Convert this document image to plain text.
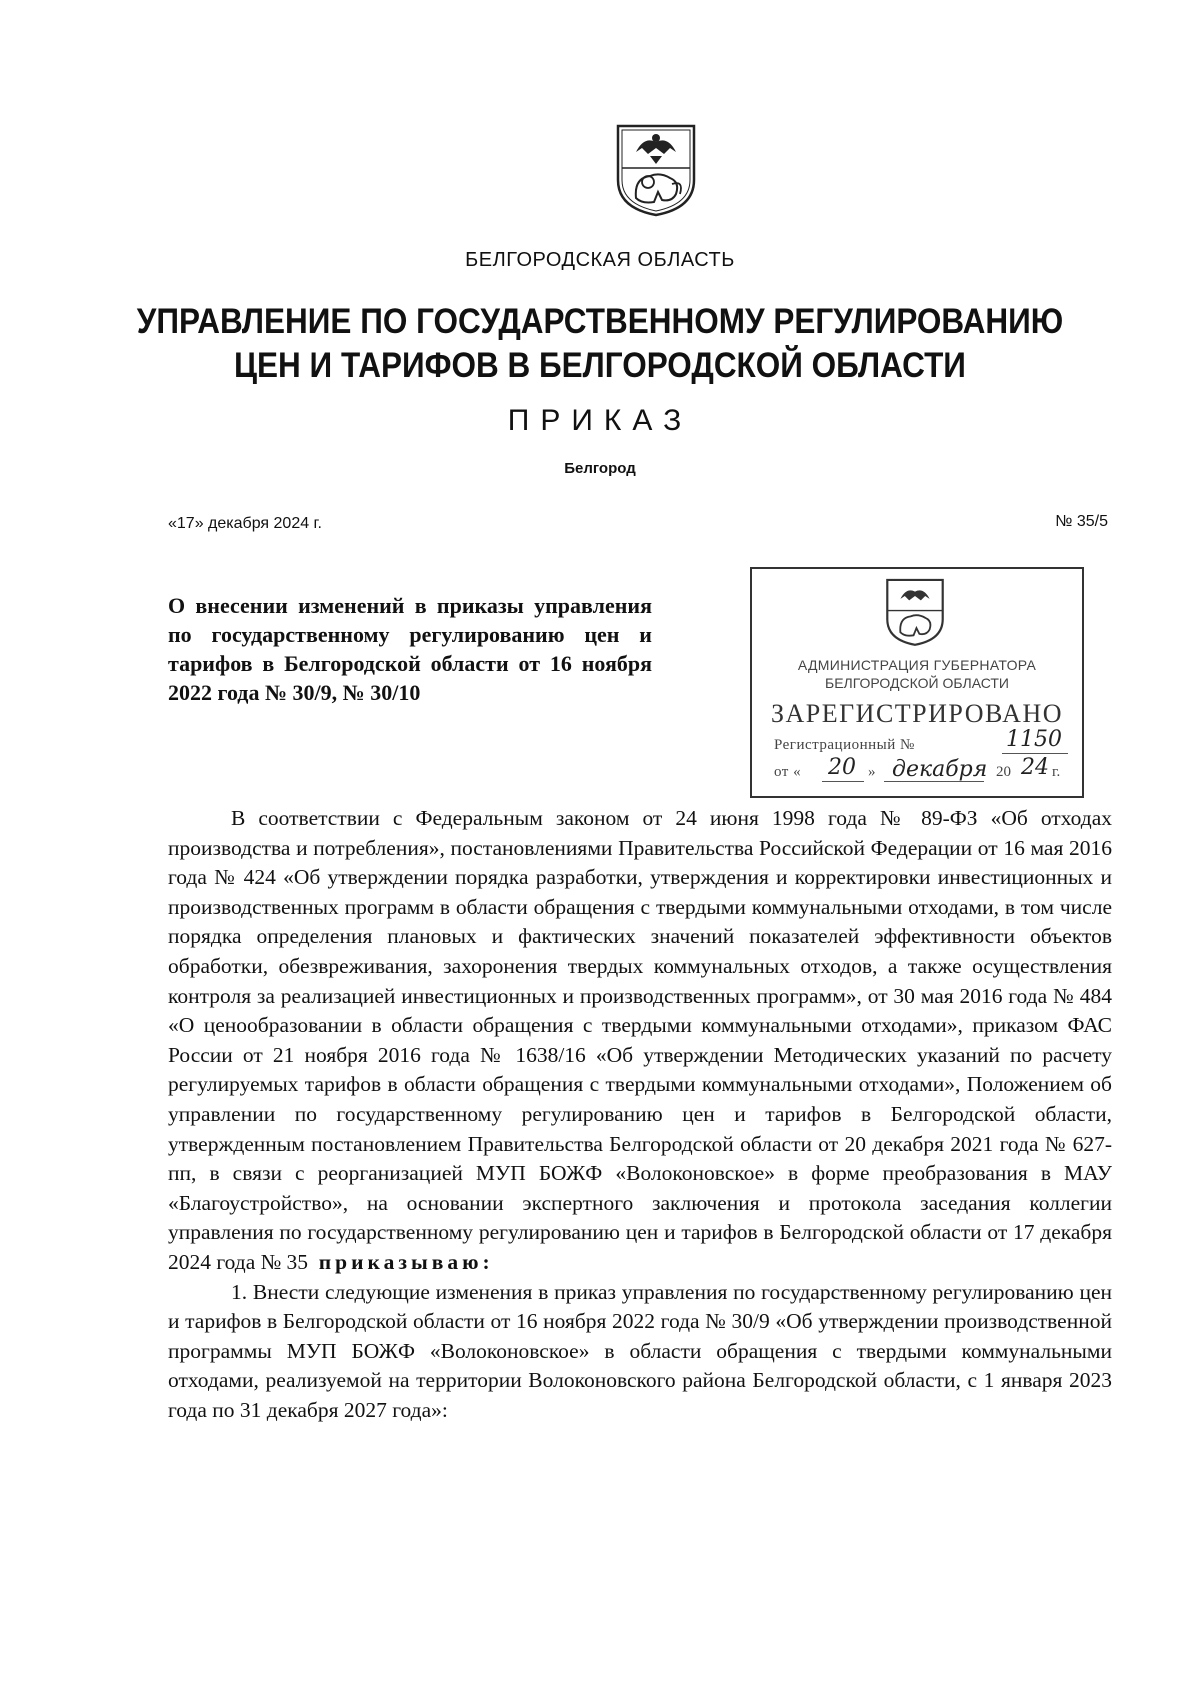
БЕЛГОРОДСКАЯ ОБЛАСТЬ
УПРАВЛЕНИЕ ПО ГОСУДАРСТВЕННОМУ РЕГУЛИРОВАНИЮ
ЦЕН И ТАРИФОВ В БЕЛГОРОДСКОЙ ОБЛАСТИ
ПРИКАЗ
Белгород
«17» декабря 2024 г.	№ 35/5
О внесении изменений в приказы управления по государственному регулированию цен и тарифов в Белгородской области от 16 ноября 2022 года № 30/9, № 30/10
АДМИНИСТРАЦИЯ ГУБЕРНАТОРА
БЕЛГОРОДСКОЙ ОБЛАСТИ
ЗАРЕГИСТРИРОВАНО
Регистрационный №	1150
от « 20 » декабря 20 24 г.

В соответствии с Федеральным законом от 24 июня 1998 года № 89-ФЗ «Об отходах производства и потребления», постановлениями Правительства Российской Федерации от 16 мая 2016 года № 424 «Об утверждении порядка разработки, утверждения и корректировки инвестиционных и производственных программ в области обращения с твердыми коммунальными отходами, в том числе порядка определения плановых и фактических значений показателей эффективности объектов обработки, обезвреживания, захоронения твердых коммунальных отходов, а также осуществления контроля за реализацией инвестиционных и производственных программ», от 30 мая 2016 года № 484 «О ценообразовании в области обращения с твердыми коммунальными отходами», приказом ФАС России от 21 ноября 2016 года № 1638/16 «Об утверждении Методических указаний по расчету регулируемых тарифов в области обращения с твердыми коммунальными отходами», Положением об управлении по государственному регулированию цен и тарифов в Белгородской области, утвержденным постановлением Правительства Белгородской области от 20 декабря 2021 года № 627-пп, в связи с реорганизацией МУП БОЖФ «Волоконовское» в форме преобразования в МАУ «Благоустройство», на основании экспертного заключения и протокола заседания коллегии управления по государственному регулированию цен и тарифов в Белгородской области от 17 декабря 2024 года № 35 приказываю:

1. Внести следующие изменения в приказ управления по государственному регулированию цен и тарифов в Белгородской области от 16 ноября 2022 года № 30/9 «Об утверждении производственной программы МУП БОЖФ «Волоконовское» в области обращения с твердыми коммунальными отходами, реализуемой на территории Волоконовского района Белгородской области, с 1 января 2023 года по 31 декабря 2027 года»:
